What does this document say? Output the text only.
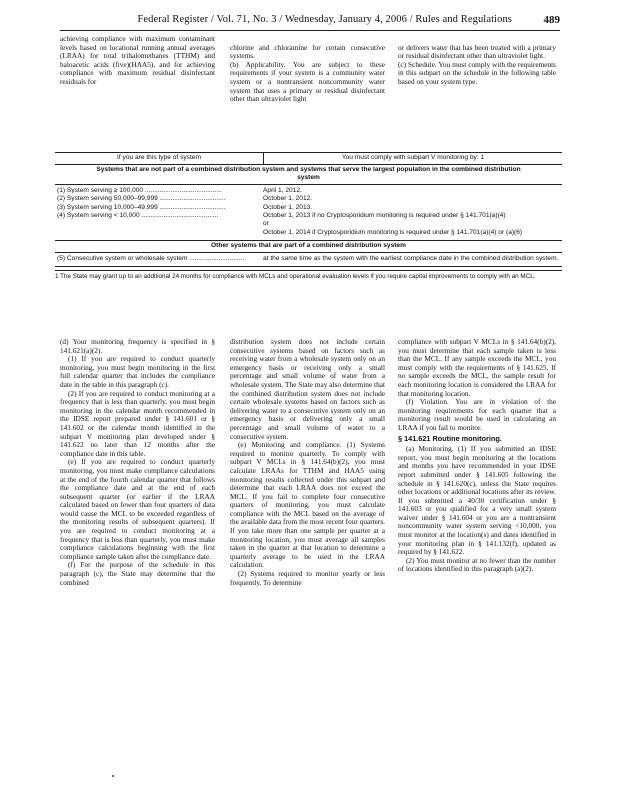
Federal Register / Vol. 71, No. 3 / Wednesday, January 4, 2006 / Rules and Regulations	489

achieving compliance with maximum contaminant levels based on locational running annual averages (LRAA) for total trihalomethanes (TTHM) and haloacetic acids (five)(HAA5), and for achieving compliance with maximum residual disinfectant residuals for

chlorine and chloramine for certain consecutive systems.
(b) Applicability. You are subject to these requirements if your system is a community water system or a nontransient noncommunity water system that uses a primary or residual disinfectant other than ultraviolet light

or delivers water that has been treated with a primary or residual disinfectant other than ultraviolet light.
(c) Schedule. You must comply with the requirements in this subpart on the schedule in the following table based on your system type.

If you are this type of system	You must comply with subpart V monitoring by: 1
Systems that are not part of a combined distribution system and systems that serve the largest population in the combined distribution system
(1) System serving ≥ 100,000 ..........................................	April 1, 2012.
(2) System serving 50,000–99,999 ....................................	October 1, 2012.
(3) System serving 10,000–49,999 ....................................	October 1, 2013.
(4) System serving < 10,000 ..........................................	October 1, 2013 if no Cryptosporidium monitoring is required under § 141.701(a)(4)
or
October 1, 2014 if Cryptosporidium monitoring is required under § 141.701(a)(4) or (a)(6)
Other systems that are part of a combined distribution system
(5) Consecutive system or wholesale system ..............................	at the same time as the system with the earliest compliance date in the combined distribution system.
1 The State may grant up to an additional 24 months for compliance with MCLs and operational evaluation levels if you require capital improvements to comply with an MCL.

(d) Your monitoring frequency is specified in § 141.621(a)(2).

(1) If you are required to conduct quarterly monitoring, you must begin monitoring in the first full calendar quarter that includes the compliance date in the table in this paragraph (c).

(2) If you are required to conduct monitoring at a frequency that is less than quarterly, you must begin monitoring in the calendar month recommended in the IDSE report prepared under § 141.601 or § 141.602 or the calendar month identified in the subpart V monitoring plan developed under § 141.622 no later than 12 months after the compliance date in this table.

(e) If you are required to conduct quarterly monitoring, you must make compliance calculations at the end of the fourth calendar quarter that follows the compliance date and at the end of each subsequent quarter (or earlier if the LRAA calculated based on fewer than four quarters of data would cause the MCL to be exceeded regardless of the monitoring results of subsequent quarters). If you are required to conduct monitoring at a frequency that is less than quarterly, you must make compliance calculations beginning with the first compliance sample taken after the compliance date.

(f) For the purpose of the schedule in this paragraph (c), the State may determine that the combined

distribution system does not include certain consecutive systems based on factors such as receiving water from a wholesale system only on an emergency basis or receiving only a small percentage and small volume of water from a wholesale system. The State may also determine that the combined distribution system does not include certain wholesale systems based on factors such as delivering water to a consecutive system only on an emergency basis or delivering only a small percentage and small volume of water to a consecutive system.

(e) Monitoring and compliance. (1) Systems required to monitor quarterly. To comply with subpart V MCLs in § 141.64(b)(2), you must calculate LRAAs for TTHM and HAA5 using monitoring results collected under this subpart and determine that each LRAA does not exceed the MCL. If you fail to complete four consecutive quarters of monitoring, you must calculate compliance with the MCL based on the average of the available data from the most recent four quarters. If you take more than one sample per quarter at a monitoring location, you must average all samples taken in the quarter at that location to determine a quarterly average to be used in the LRAA calculation.

(2) Systems required to monitor yearly or less frequently. To determine

compliance with subpart V MCLs in § 141.64(b)(2), you must determine that each sample taken is less than the MCL. If any sample exceeds the MCL, you must comply with the requirements of § 141.625. If no sample exceeds the MCL, the sample result for each monitoring location is considered the LRAA for that monitoring location.

(f) Violation. You are in violation of the monitoring requirements for each quarter that a monitoring result would be used in calculating an LRAA if you fail to monitor.

§ 141.621 Routine monitoring.

(a) Monitoring. (1) If you submitted an IDSE report, you must begin monitoring at the locations and months you have recommended in your IDSE report submitted under § 141.605 following the schedule in § 141.620(c), unless the State requires other locations or additional locations after its review. If you submitted a 40/30 certification under § 141.603 or you qualified for a very small system waiver under § 141.604 or you are a nontransient noncommunity water system serving <10,000, you must monitor at the location(s) and dates identified in your monitoring plan in § 141.132(f), updated as required by § 141.622.

(2) You must monitor at no fewer than the number of locations identified in this paragraph (a)(2).
